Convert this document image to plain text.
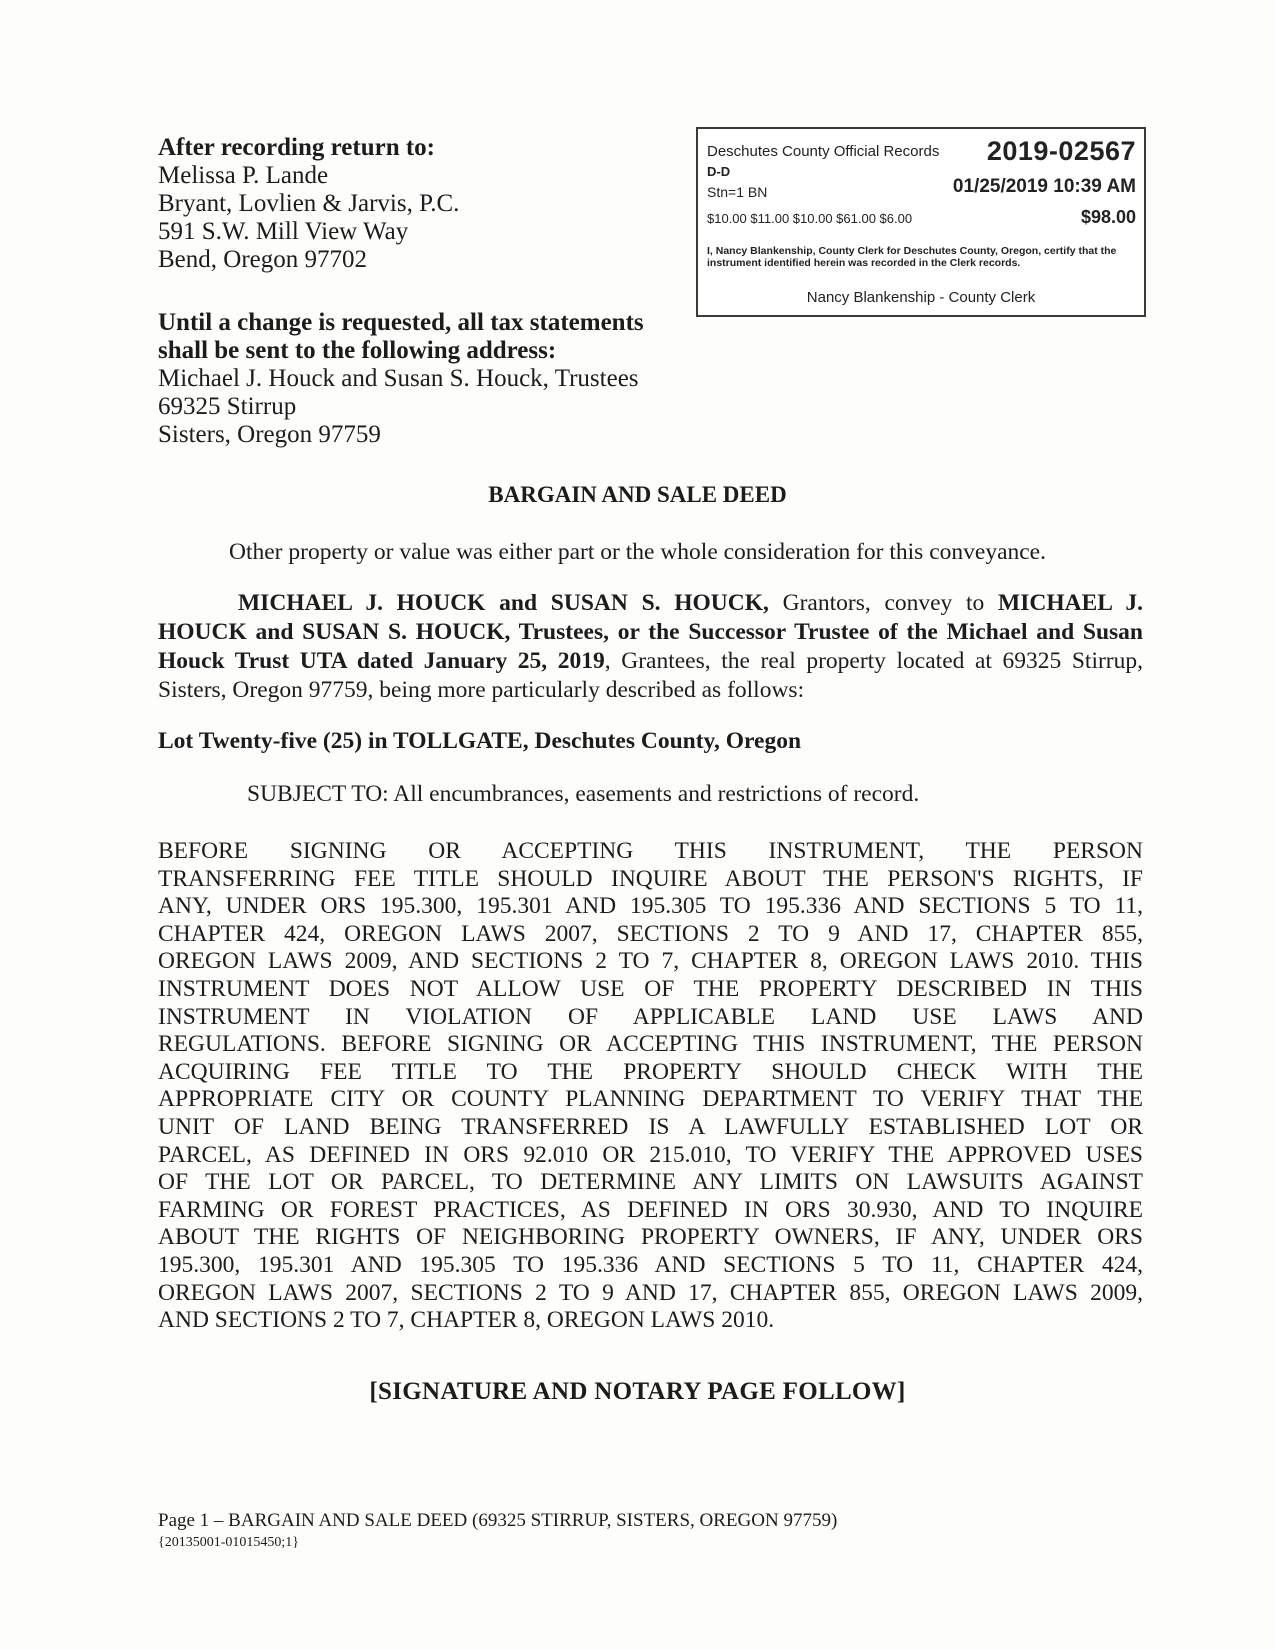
After recording return to:
Melissa P. Lande
Bryant, Lovlien & Jarvis, P.C.
591 S.W. Mill View Way
Bend, Oregon 97702
Until a change is requested, all tax statements
shall be sent to the following address:
Michael J. Houck and Susan S. Houck, Trustees
69325 Stirrup
Sisters, Oregon 97759
Deschutes County Official Records 2019-02567
D-D
Stn=1 BN	01/25/2019 10:39 AM
$10.00 $11.00 $10.00 $61.00 $6.00	$98.00
I, Nancy Blankenship, County Clerk for Deschutes County, Oregon, certify that the instrument identified herein was recorded in the Clerk records.
Nancy Blankenship - County Clerk
BARGAIN AND SALE DEED
Other property or value was either part or the whole consideration for this conveyance.
MICHAEL J. HOUCK and SUSAN S. HOUCK, Grantors, convey to MICHAEL J. HOUCK and SUSAN S. HOUCK, Trustees, or the Successor Trustee of the Michael and Susan Houck Trust UTA dated January 25, 2019, Grantees, the real property located at 69325 Stirrup, Sisters, Oregon 97759, being more particularly described as follows:
Lot Twenty-five (25) in TOLLGATE, Deschutes County, Oregon
SUBJECT TO: All encumbrances, easements and restrictions of record.
BEFORE SIGNING OR ACCEPTING THIS INSTRUMENT, THE PERSON
TRANSFERRING FEE TITLE SHOULD INQUIRE ABOUT THE PERSON'S RIGHTS, IF
ANY, UNDER ORS 195.300, 195.301 AND 195.305 TO 195.336 AND SECTIONS 5 TO 11,
CHAPTER 424, OREGON LAWS 2007, SECTIONS 2 TO 9 AND 17, CHAPTER 855,
OREGON LAWS 2009, AND SECTIONS 2 TO 7, CHAPTER 8, OREGON LAWS 2010. THIS
INSTRUMENT DOES NOT ALLOW USE OF THE PROPERTY DESCRIBED IN THIS
INSTRUMENT IN VIOLATION OF APPLICABLE LAND USE LAWS AND
REGULATIONS. BEFORE SIGNING OR ACCEPTING THIS INSTRUMENT, THE PERSON
ACQUIRING FEE TITLE TO THE PROPERTY SHOULD CHECK WITH THE
APPROPRIATE CITY OR COUNTY PLANNING DEPARTMENT TO VERIFY THAT THE
UNIT OF LAND BEING TRANSFERRED IS A LAWFULLY ESTABLISHED LOT OR
PARCEL, AS DEFINED IN ORS 92.010 OR 215.010, TO VERIFY THE APPROVED USES
OF THE LOT OR PARCEL, TO DETERMINE ANY LIMITS ON LAWSUITS AGAINST
FARMING OR FOREST PRACTICES, AS DEFINED IN ORS 30.930, AND TO INQUIRE
ABOUT THE RIGHTS OF NEIGHBORING PROPERTY OWNERS, IF ANY, UNDER ORS
195.300, 195.301 AND 195.305 TO 195.336 AND SECTIONS 5 TO 11, CHAPTER 424,
OREGON LAWS 2007, SECTIONS 2 TO 9 AND 17, CHAPTER 855, OREGON LAWS 2009,
AND SECTIONS 2 TO 7, CHAPTER 8, OREGON LAWS 2010.
[SIGNATURE AND NOTARY PAGE FOLLOW]
Page 1 – BARGAIN AND SALE DEED (69325 STIRRUP, SISTERS, OREGON 97759)
{20135001-01015450;1}
